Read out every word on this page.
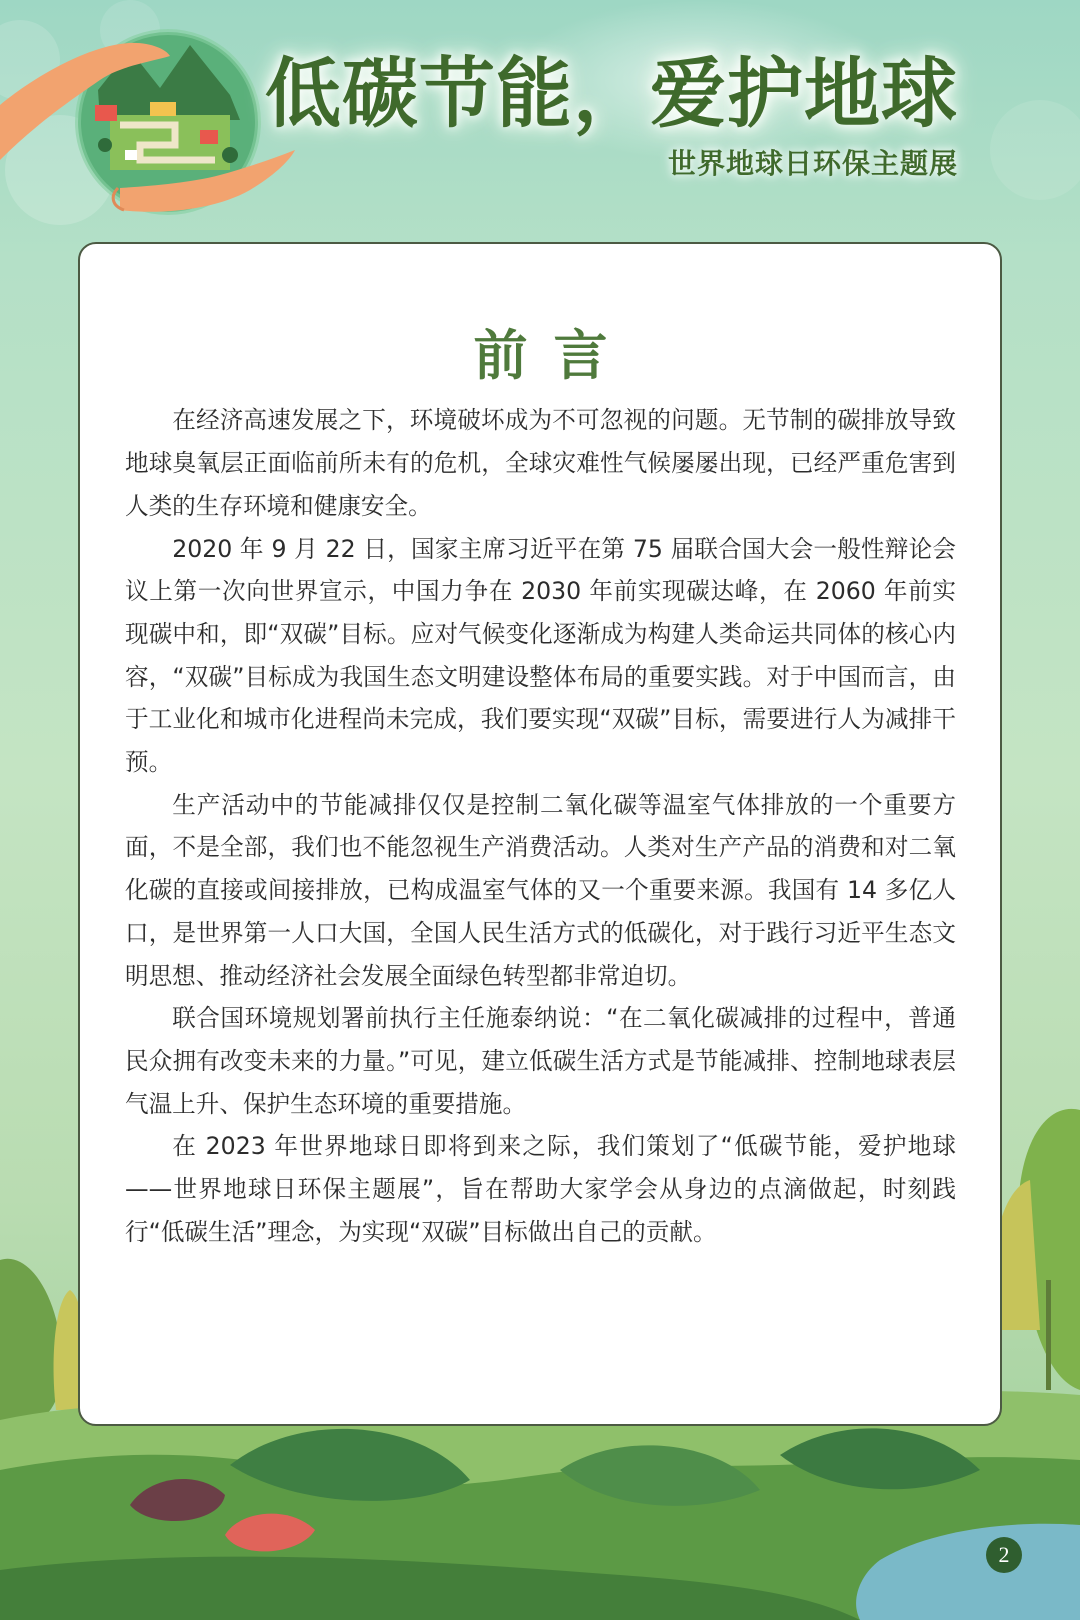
低碳节能，爱护地球
世界地球日环保主题展
前言

在经济高速发展之下，环境破坏成为不可忽视的问题。无节制的碳排放导致地球臭氧层正面临前所未有的危机，全球灾难性气候屡屡出现，已经严重危害到人类的生存环境和健康安全。

2020 年 9 月 22 日，国家主席习近平在第 75 届联合国大会一般性辩论会议上第一次向世界宣示，中国力争在 2030 年前实现碳达峰，在 2060 年前实现碳中和，即“双碳”目标。应对气候变化逐渐成为构建人类命运共同体的核心内容，“双碳”目标成为我国生态文明建设整体布局的重要实践。对于中国而言，由于工业化和城市化进程尚未完成，我们要实现“双碳”目标，需要进行人为减排干预。

生产活动中的节能减排仅仅是控制二氧化碳等温室气体排放的一个重要方面，不是全部，我们也不能忽视生产消费活动。人类对生产产品的消费和对二氧化碳的直接或间接排放，已构成温室气体的又一个重要来源。我国有 14 多亿人口，是世界第一人口大国，全国人民生活方式的低碳化，对于践行习近平生态文明思想、推动经济社会发展全面绿色转型都非常迫切。

联合国环境规划署前执行主任施泰纳说：“在二氧化碳减排的过程中，普通民众拥有改变未来的力量。”可见，建立低碳生活方式是节能减排、控制地球表层气温上升、保护生态环境的重要措施。

在 2023 年世界地球日即将到来之际，我们策划了“低碳节能，爱护地球——世界地球日环保主题展”，旨在帮助大家学会从身边的点滴做起，时刻践行“低碳生活”理念，为实现“双碳”目标做出自己的贡献。

2
